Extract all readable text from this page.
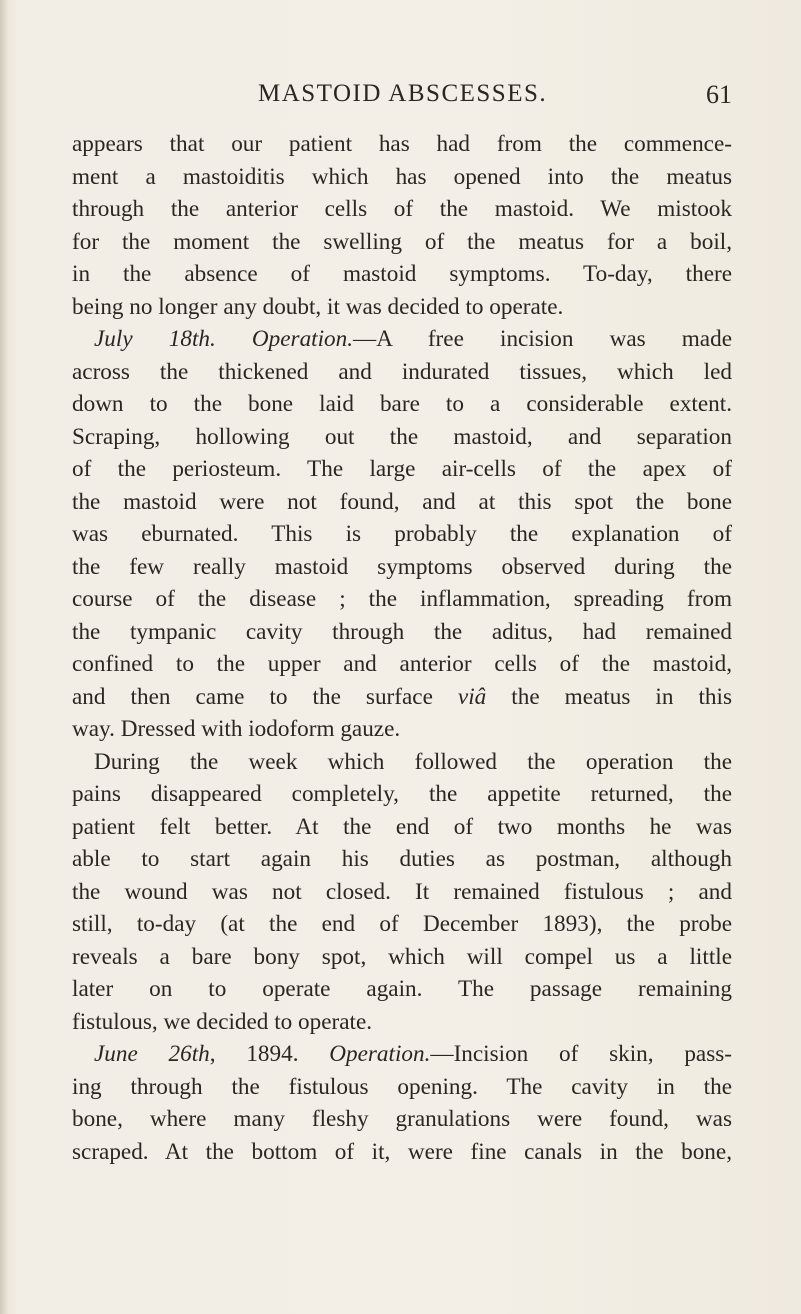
MASTOID ABSCESSES.	61
appears that our patient has had from the commence-
ment a mastoiditis which has opened into the meatus
through the anterior cells of the mastoid. We mistook
for the moment the swelling of the meatus for a boil,
in the absence of mastoid symptoms. To-day, there
being no longer any doubt, it was decided to operate.
July 18th. Operation.—A free incision was made
across the thickened and indurated tissues, which led
down to the bone laid bare to a considerable extent.
Scraping, hollowing out the mastoid, and separation
of the periosteum. The large air-cells of the apex of
the mastoid were not found, and at this spot the bone
was eburnated. This is probably the explanation of
the few really mastoid symptoms observed during the
course of the disease ; the inflammation, spreading from
the tympanic cavity through the aditus, had remained
confined to the upper and anterior cells of the mastoid,
and then came to the surface viâ the meatus in this
way. Dressed with iodoform gauze.
During the week which followed the operation the
pains disappeared completely, the appetite returned, the
patient felt better. At the end of two months he was
able to start again his duties as postman, although
the wound was not closed. It remained fistulous ; and
still, to-day (at the end of December 1893), the probe
reveals a bare bony spot, which will compel us a little
later on to operate again. The passage remaining
fistulous, we decided to operate.
June 26th, 1894. Operation.—Incision of skin, pass-
ing through the fistulous opening. The cavity in the
bone, where many fleshy granulations were found, was
scraped. At the bottom of it, were fine canals in the bone,
